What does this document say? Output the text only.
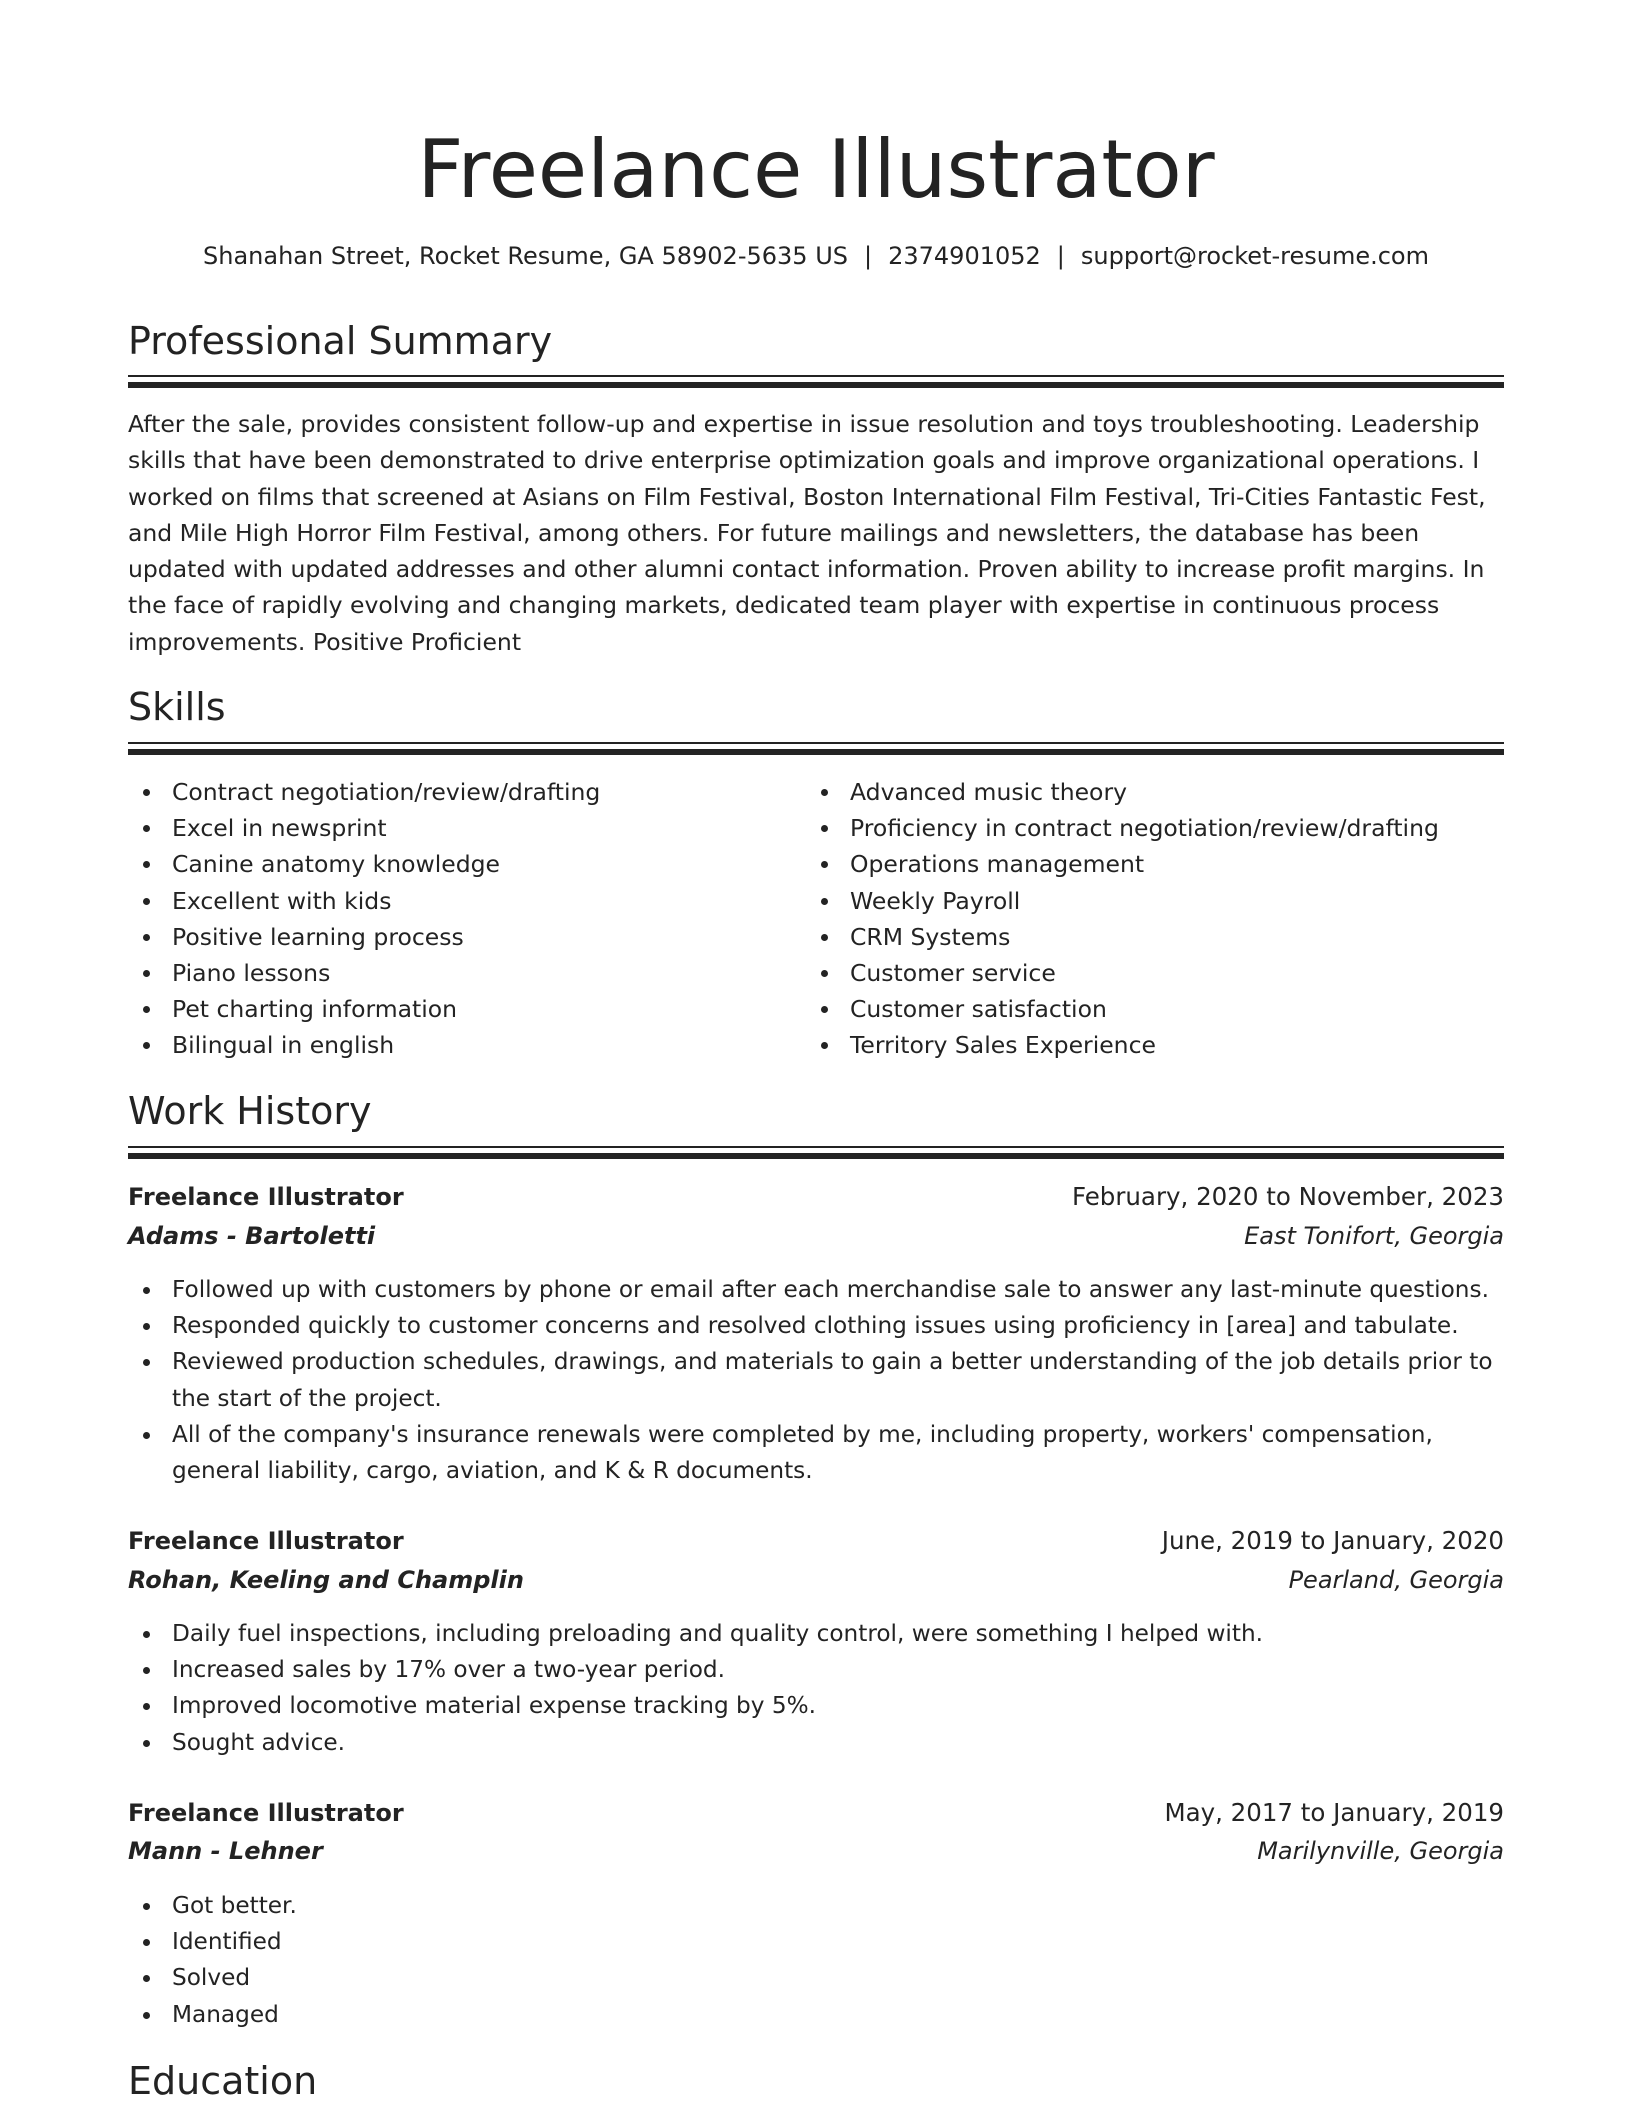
Freelance Illustrator
Shanahan Street, Rocket Resume, GA 58902-5635 US | 2374901052 | support@rocket-resume.com
Professional Summary

After the sale, provides consistent follow-up and expertise in issue resolution and toys troubleshooting. Leadership skills that have been demonstrated to drive enterprise optimization goals and improve organizational operations. I worked on films that screened at Asians on Film Festival, Boston International Film Festival, Tri-Cities Fantastic Fest, and Mile High Horror Film Festival, among others. For future mailings and newsletters, the database has been updated with updated addresses and other alumni contact information. Proven ability to increase profit margins. In the face of rapidly evolving and changing markets, dedicated team player with expertise in continuous process improvements. Positive Proficient

Skills
Contract negotiation/review/drafting
Excel in newsprint
Canine anatomy knowledge
Excellent with kids
Positive learning process
Piano lessons
Pet charting information
Bilingual in english
Advanced music theory
Proficiency in contract negotiation/review/drafting
Operations management
Weekly Payroll
CRM Systems
Customer service
Customer satisfaction
Territory Sales Experience
Work History
Freelance Illustrator	February, 2020 to November, 2023
Adams - Bartoletti	East Tonifort, Georgia
Followed up with customers by phone or email after each merchandise sale to answer any last-minute questions.
Responded quickly to customer concerns and resolved clothing issues using proficiency in [area] and tabulate.
Reviewed production schedules, drawings, and materials to gain a better understanding of the job details prior to the start of the project.
All of the company's insurance renewals were completed by me, including property, workers' compensation, general liability, cargo, aviation, and K & R documents.
Freelance Illustrator	June, 2019 to January, 2020
Rohan, Keeling and Champlin	Pearland, Georgia
Daily fuel inspections, including preloading and quality control, were something I helped with.
Increased sales by 17% over a two-year period.
Improved locomotive material expense tracking by 5%.
Sought advice.
Freelance Illustrator	May, 2017 to January, 2019
Mann - Lehner	Marilynville, Georgia
Got better.
Identified
Solved
Managed
Education
